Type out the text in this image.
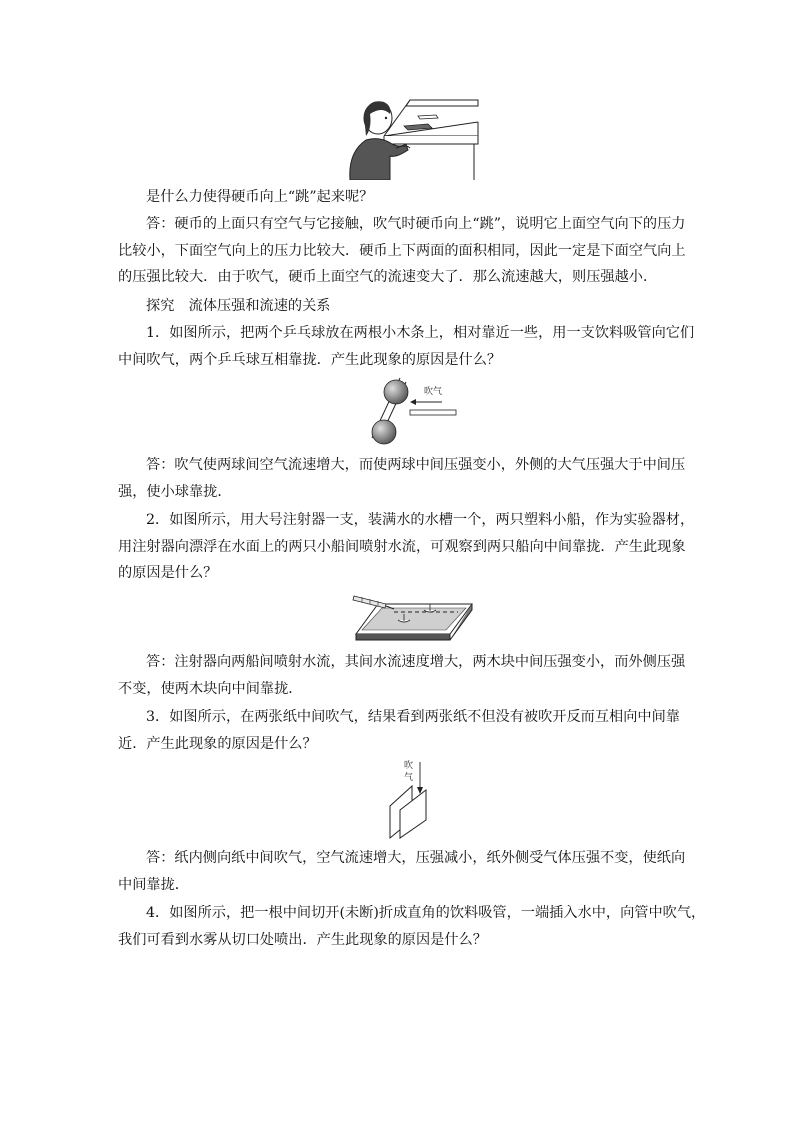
是什么力使得硬币向上“跳”起来呢？
答：硬币的上面只有空气与它接触，吹气时硬币向上“跳”，说明它上面空气向下的压力
比较小，下面空气向上的压力比较大．硬币上下两面的面积相同，因此一定是下面空气向上
的压强比较大．由于吹气，硬币上面空气的流速变大了．那么流速越大，则压强越小．
探究　流体压强和流速的关系
1．如图所示，把两个乒乓球放在两根小木条上，相对靠近一些，用一支饮料吸管向它们
中间吹气，两个乒乓球互相靠拢．产生此现象的原因是什么？
吹气
答：吹气使两球间空气流速增大，而使两球中间压强变小，外侧的大气压强大于中间压
强，使小球靠拢．
2．如图所示，用大号注射器一支，装满水的水槽一个，两只塑料小船，作为实验器材，
用注射器向漂浮在水面上的两只小船间喷射水流，可观察到两只船向中间靠拢．产生此现象
的原因是什么？
答：注射器向两船间喷射水流，其间水流速度增大，两木块中间压强变小，而外侧压强
不变，使两木块向中间靠拢．
3．如图所示，在两张纸中间吹气，结果看到两张纸不但没有被吹开反而互相向中间靠
近．产生此现象的原因是什么？
吹
气
答：纸内侧向纸中间吹气，空气流速增大，压强减小，纸外侧受气体压强不变，使纸向
中间靠拢．
4．如图所示，把一根中间切开(未断)折成直角的饮料吸管，一端插入水中，向管中吹气，
我们可看到水雾从切口处喷出．产生此现象的原因是什么？
